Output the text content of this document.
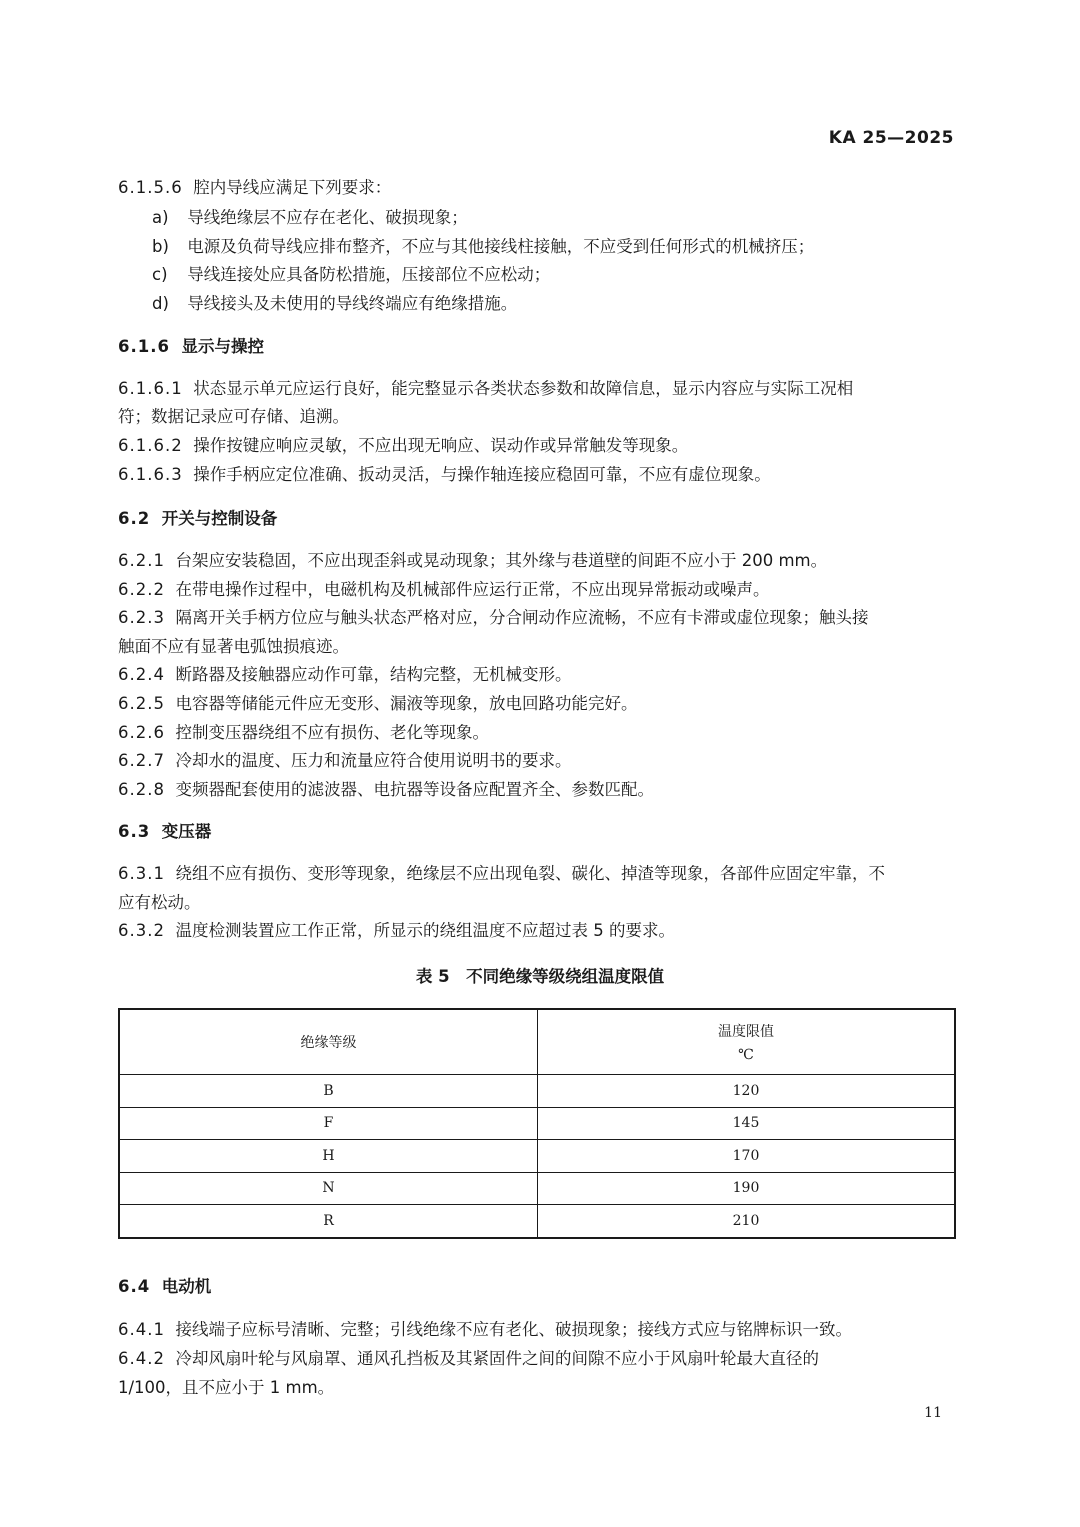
KA 25—2025
6.1.5.6 腔内导线应满足下列要求：
a) 导线绝缘层不应存在老化、破损现象；
b) 电源及负荷导线应排布整齐，不应与其他接线柱接触，不应受到任何形式的机械挤压；
c) 导线连接处应具备防松措施，压接部位不应松动；
d) 导线接头及未使用的导线终端应有绝缘措施。
6.1.6 显示与操控
6.1.6.1 状态显示单元应运行良好，能完整显示各类状态参数和故障信息，显示内容应与实际工况相
符；数据记录应可存储、追溯。
6.1.6.2 操作按键应响应灵敏，不应出现无响应、误动作或异常触发等现象。
6.1.6.3 操作手柄应定位准确、扳动灵活，与操作轴连接应稳固可靠，不应有虚位现象。
6.2 开关与控制设备
6.2.1 台架应安装稳固，不应出现歪斜或晃动现象；其外缘与巷道壁的间距不应小于 200 mm。
6.2.2 在带电操作过程中，电磁机构及机械部件应运行正常，不应出现异常振动或噪声。
6.2.3 隔离开关手柄方位应与触头状态严格对应，分合闸动作应流畅，不应有卡滞或虚位现象；触头接
触面不应有显著电弧蚀损痕迹。
6.2.4 断路器及接触器应动作可靠，结构完整，无机械变形。
6.2.5 电容器等储能元件应无变形、漏液等现象，放电回路功能完好。
6.2.6 控制变压器绕组不应有损伤、老化等现象。
6.2.7 冷却水的温度、压力和流量应符合使用说明书的要求。
6.2.8 变频器配套使用的滤波器、电抗器等设备应配置齐全、参数匹配。
6.3 变压器
6.3.1 绕组不应有损伤、变形等现象，绝缘层不应出现龟裂、碳化、掉渣等现象，各部件应固定牢靠，不
应有松动。
6.3.2 温度检测装置应工作正常，所显示的绕组温度不应超过表 5 的要求。
表 5　不同绝缘等级绕组温度限值
绝缘等级	温度限值
℃

B	120
F	145
H	170
N	190
R	210
6.4 电动机
6.4.1 接线端子应标号清晰、完整；引线绝缘不应有老化、破损现象；接线方式应与铭牌标识一致。
6.4.2 冷却风扇叶轮与风扇罩、通风孔挡板及其紧固件之间的间隙不应小于风扇叶轮最大直径的
1/100，且不应小于 1 mm。
11
